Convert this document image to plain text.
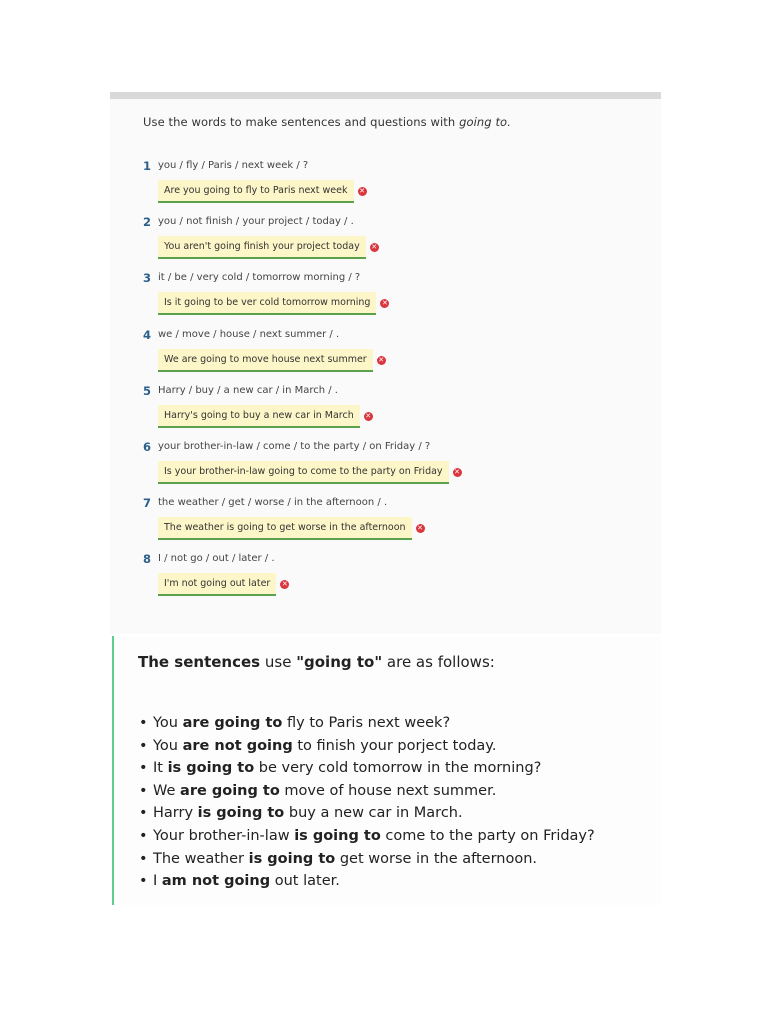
Use the words to make sentences and questions with going to.
1 you / fly / Paris / next week / ?
Are you going to fly to Paris next week	✕
2 you / not finish / your project / today / .
You aren't going finish your project today	✕
3 it / be / very cold / tomorrow morning / ?
Is it going to be ver cold tomorrow morning	✕
4 we / move / house / next summer / .
We are going to move house next summer	✕
5 Harry / buy / a new car / in March / .
Harry's going to buy a new car in March	✕
6 your brother-in-law / come / to the party / on Friday / ?
Is your brother-in-law going to come to the party on Friday	✕
7 the weather / get / worse / in the afternoon / .
The weather is going to get worse in the afternoon	✕
8 I / not go / out / later / .
I'm not going out later	✕
The sentences use "going to" are as follows:
• You are going to fly to Paris next week?
• You are not going to finish your porject today.
• It is going to be very cold tomorrow in the morning?
• We are going to move of house next summer.
• Harry is going to buy a new car in March.
• Your brother-in-law is going to come to the party on Friday?
• The weather is going to get worse in the afternoon.
• I am not going out later.
